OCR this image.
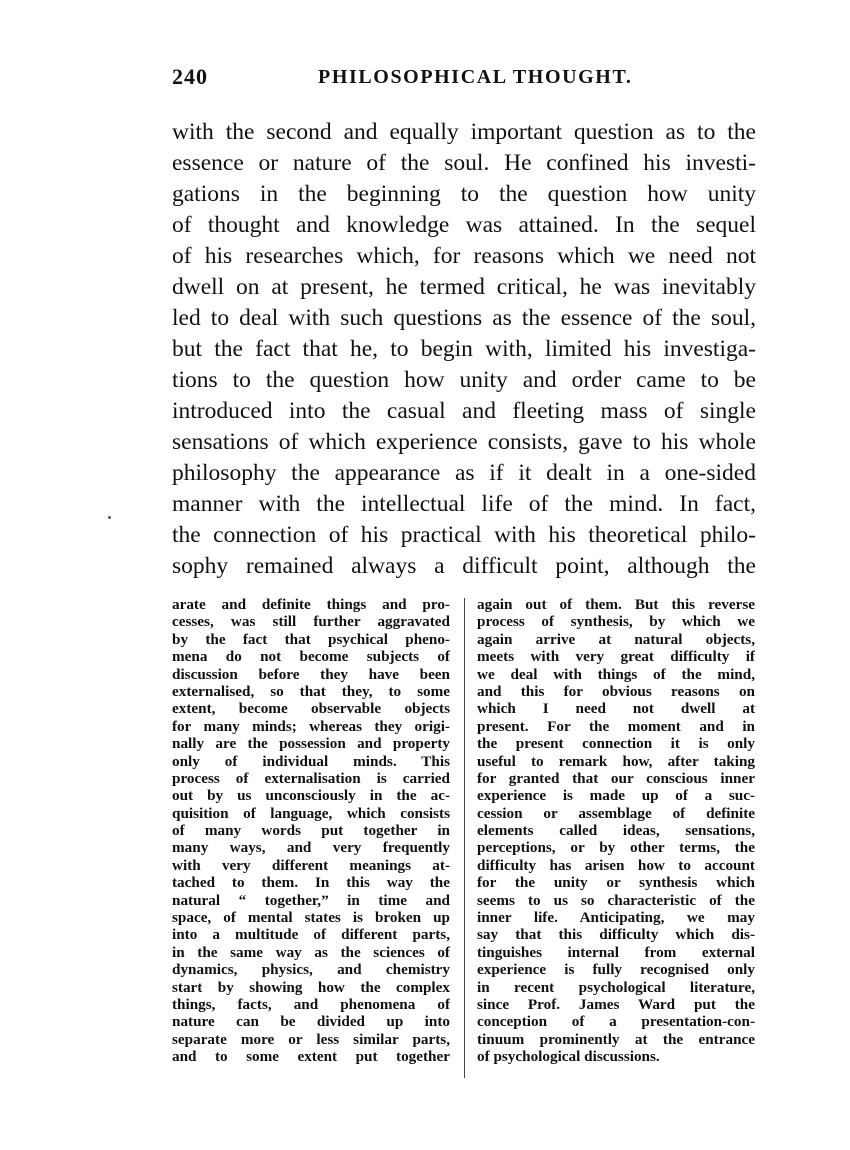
240	PHILOSOPHICAL THOUGHT.
with the second and equally important question as to the
essence or nature of the soul. He confined his investi-
gations in the beginning to the question how unity
of thought and knowledge was attained. In the sequel
of his researches which, for reasons which we need not
dwell on at present, he termed critical, he was inevitably
led to deal with such questions as the essence of the soul,
but the fact that he, to begin with, limited his investiga-
tions to the question how unity and order came to be
introduced into the casual and fleeting mass of single
sensations of which experience consists, gave to his whole
philosophy the appearance as if it dealt in a one-sided
manner with the intellectual life of the mind. In fact,
the connection of his practical with his theoretical philo-
sophy remained always a difficult point, although the
arate and definite things and pro-
cesses, was still further aggravated
by the fact that psychical pheno-
mena do not become subjects of
discussion before they have been
externalised, so that they, to some
extent, become observable objects
for many minds; whereas they origi-
nally are the possession and property
only of individual minds. This
process of externalisation is carried
out by us unconsciously in the ac-
quisition of language, which consists
of many words put together in
many ways, and very frequently
with very different meanings at-
tached to them. In this way the
natural “ together,” in time and
space, of mental states is broken up
into a multitude of different parts,
in the same way as the sciences of
dynamics, physics, and chemistry
start by showing how the complex
things, facts, and phenomena of
nature can be divided up into
separate more or less similar parts,
and to some extent put together
again out of them. But this reverse
process of synthesis, by which we
again arrive at natural objects,
meets with very great difficulty if
we deal with things of the mind,
and this for obvious reasons on
which I need not dwell at
present. For the moment and in
the present connection it is only
useful to remark how, after taking
for granted that our conscious inner
experience is made up of a suc-
cession or assemblage of definite
elements called ideas, sensations,
perceptions, or by other terms, the
difficulty has arisen how to account
for the unity or synthesis which
seems to us so characteristic of the
inner life. Anticipating, we may
say that this difficulty which dis-
tinguishes internal from external
experience is fully recognised only
in recent psychological literature,
since Prof. James Ward put the
conception of a presentation-con-
tinuum prominently at the entrance
of psychological discussions.
